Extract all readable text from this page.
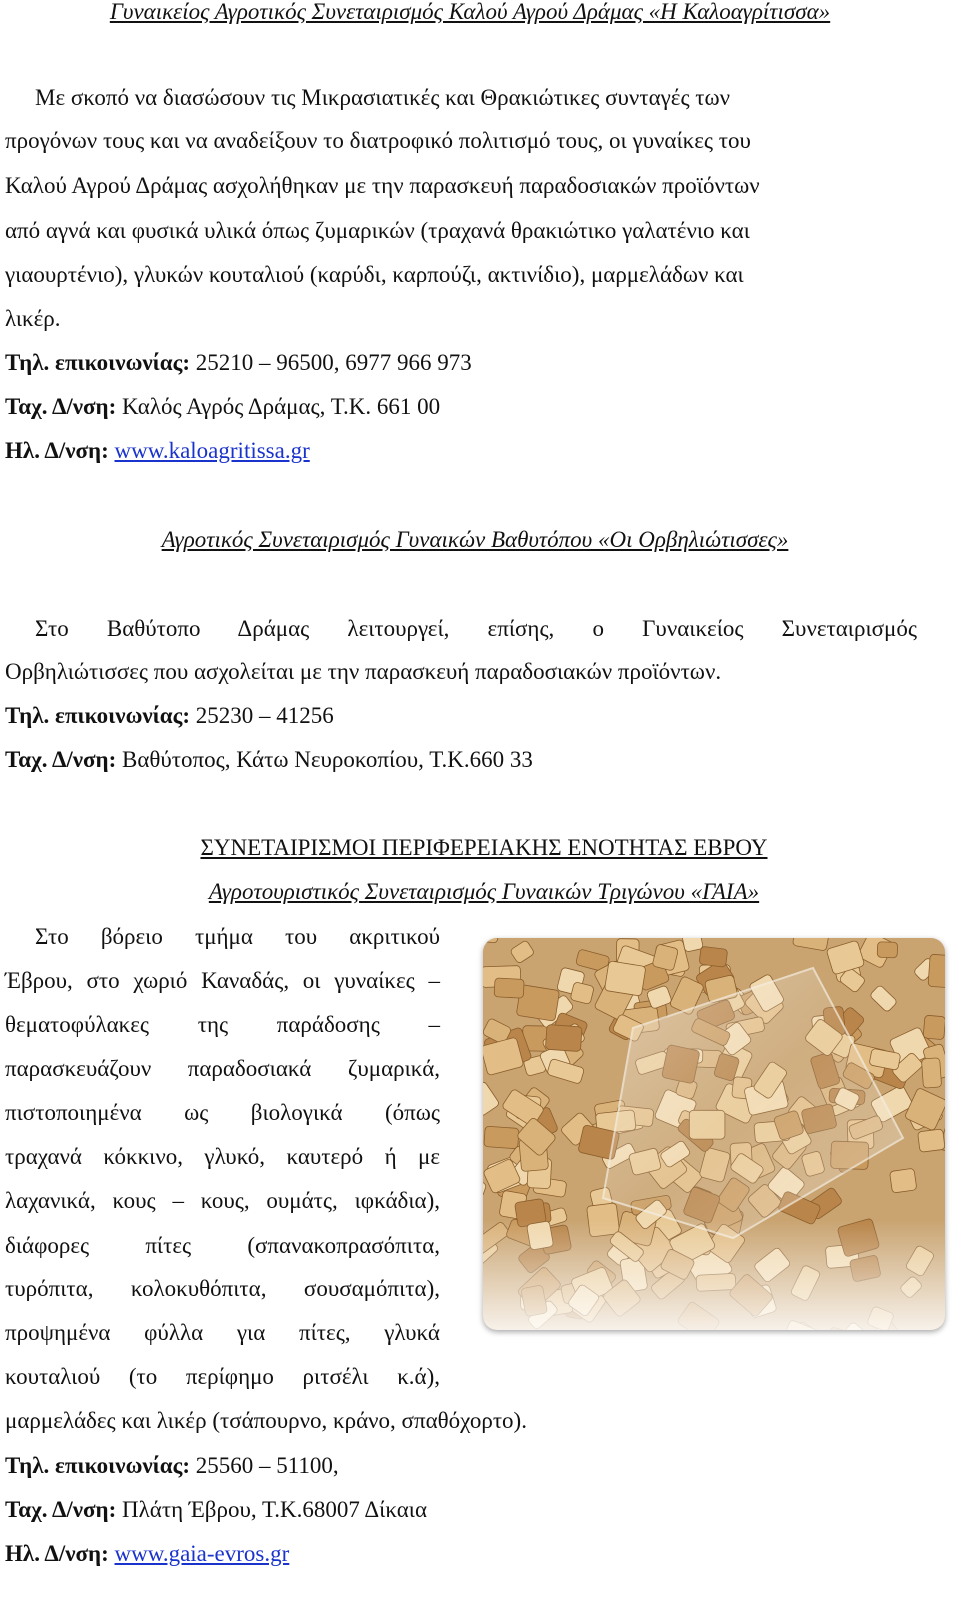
Γυναικείος Αγροτικός Συνεταιρισμός Καλού Αγρού Δράμας «Η Καλοαγρίτισσα»
Με σκοπό να διασώσουν τις Μικρασιατικές και Θρακιώτικες συνταγές των
προγόνων τους και να αναδείξουν το διατροφικό πολιτισμό τους, οι γυναίκες του
Καλού Αγρού Δράμας ασχολήθηκαν με την παρασκευή παραδοσιακών προϊόντων
από αγνά και φυσικά υλικά όπως ζυμαρικών (τραχανά θρακιώτικο γαλατένιο και
γιαουρτένιο), γλυκών κουταλιού (καρύδι, καρπούζι, ακτινίδιο), μαρμελάδων και
λικέρ.
Τηλ. επικοινωνίας: 25210 – 96500, 6977 966 973
Ταχ. Δ/νση: Καλός Αγρός Δράμας, Τ.Κ. 661 00
Ηλ. Δ/νση: www.kaloagritissa.gr
Αγροτικός Συνεταιρισμός Γυναικών Βαθυτόπου «Οι Ορβηλιώτισσες»
Στο Βαθύτοπο Δράμας λειτουργεί, επίσης, ο Γυναικείος Συνεταιρισμός
Ορβηλιώτισσες που ασχολείται με την παρασκευή παραδοσιακών προϊόντων.
Τηλ. επικοινωνίας: 25230 – 41256
Ταχ. Δ/νση: Βαθύτοπος, Κάτω Νευροκοπίου, Τ.Κ.660 33
ΣΥΝΕΤΑΙΡΙΣΜΟΙ ΠΕΡΙΦΕΡΕΙΑΚΗΣ ΕΝΟΤΗΤΑΣ ΕΒΡΟΥ
Αγροτουριστικός Συνεταιρισμός Γυναικών Τριγώνου «ΓΑΙΑ»
Στο βόρειο τμήμα του ακριτικού
Έβρου, στο χωριό Καναδάς, οι γυναίκες –
θεματοφύλακες της παράδοσης –
παρασκευάζουν παραδοσιακά ζυμαρικά,
πιστοποιημένα ως βιολογικά (όπως
τραχανά κόκκινο, γλυκό, καυτερό ή με
λαχανικά, κους – κους, ουμάτς, ιφκάδια),
διάφορες πίτες (σπανακοπρασόπιτα,
τυρόπιτα, κολοκυθόπιτα, σουσαμόπιτα),
προψημένα φύλλα για πίτες, γλυκά
κουταλιού (το περίφημο ριτσέλι κ.ά),
μαρμελάδες και λικέρ (τσάπουρνο, κράνο, σπαθόχορτο).
Τηλ. επικοινωνίας: 25560 – 51100,
Ταχ. Δ/νση: Πλάτη Έβρου, Τ.Κ.68007 Δίκαια
Ηλ. Δ/νση: www.gaia-evros.gr
